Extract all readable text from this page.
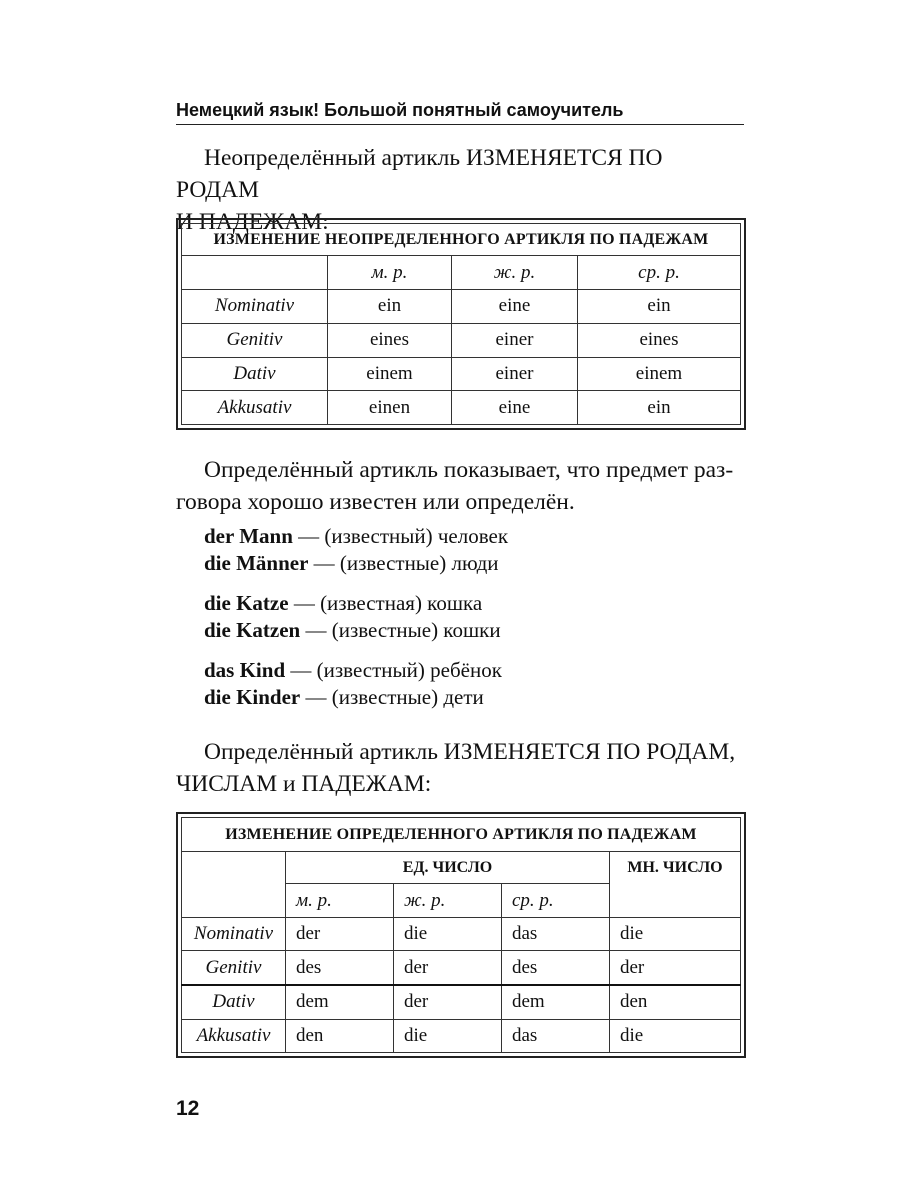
Немецкий язык! Большой понятный самоучитель

Неопределённый артикль ИЗМЕНЯЕТСЯ ПО РОДАМ
И ПАДЕЖАМ:

ИЗМЕНЕНИЕ НЕОПРЕДЕЛЕННОГО АРТИКЛЯ ПО ПАДЕЖАМ			
	м. р.	ж. р.	ср. р.
Nominativ	ein	eine	ein
Genitiv	eines	einer	eines
Dativ	einem	einer	einem
Akkusativ	einen	eine	ein

Определённый артикль показывает, что предмет раз-
говора хорошо известен или определён.

der Mann — (известный) человек
die Männer — (известные) люди
die Katze — (известная) кошка
die Katzen — (известные) кошки
das Kind — (известный) ребёнок
die Kinder — (известные) дети

Определённый артикль ИЗМЕНЯЕТСЯ ПО РОДАМ,
ЧИСЛАМ и ПАДЕЖАМ:

ИЗМЕНЕНИЕ ОПРЕДЕЛЕННОГО АРТИКЛЯ ПО ПАДЕЖАМ				
	ЕД. ЧИСЛО			МН. ЧИСЛО
	м. р.	ж. р.	ср. р.	
Nominativ	der	die	das	die
Genitiv	des	der	des	der
Dativ	dem	der	dem	den
Akkusativ	den	die	das	die
12
